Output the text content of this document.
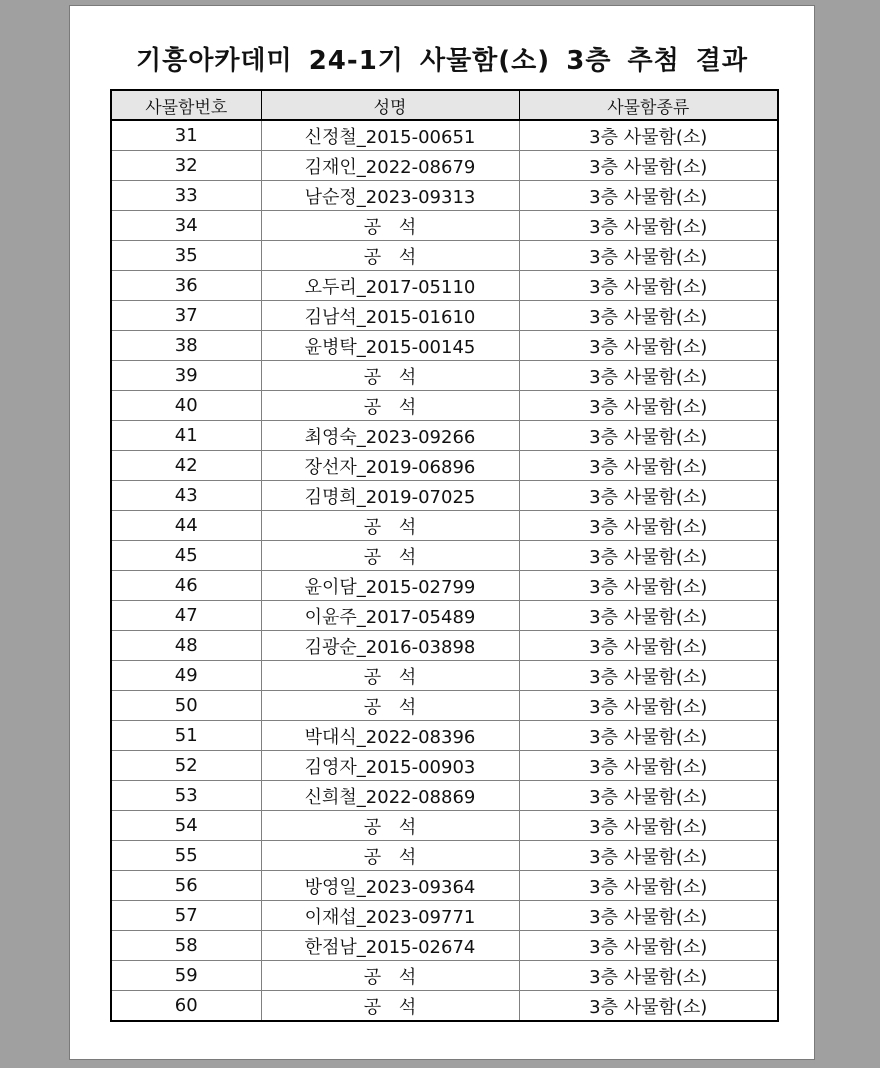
기흥아카데미 24-1기 사물함(소) 3층 추첨 결과
사물함번호	성명	사물함종류
31	신정철_2015-00651	3층 사물함(소)
32	김재인_2022-08679	3층 사물함(소)
33	남순정_2023-09313	3층 사물함(소)
34	공 석	3층 사물함(소)
35	공 석	3층 사물함(소)
36	오두리_2017-05110	3층 사물함(소)
37	김남석_2015-01610	3층 사물함(소)
38	윤병탁_2015-00145	3층 사물함(소)
39	공 석	3층 사물함(소)
40	공 석	3층 사물함(소)
41	최영숙_2023-09266	3층 사물함(소)
42	장선자_2019-06896	3층 사물함(소)
43	김명희_2019-07025	3층 사물함(소)
44	공 석	3층 사물함(소)
45	공 석	3층 사물함(소)
46	윤이담_2015-02799	3층 사물함(소)
47	이윤주_2017-05489	3층 사물함(소)
48	김광순_2016-03898	3층 사물함(소)
49	공 석	3층 사물함(소)
50	공 석	3층 사물함(소)
51	박대식_2022-08396	3층 사물함(소)
52	김영자_2015-00903	3층 사물함(소)
53	신희철_2022-08869	3층 사물함(소)
54	공 석	3층 사물함(소)
55	공 석	3층 사물함(소)
56	방영일_2023-09364	3층 사물함(소)
57	이재섭_2023-09771	3층 사물함(소)
58	한점남_2015-02674	3층 사물함(소)
59	공 석	3층 사물함(소)
60	공 석	3층 사물함(소)
